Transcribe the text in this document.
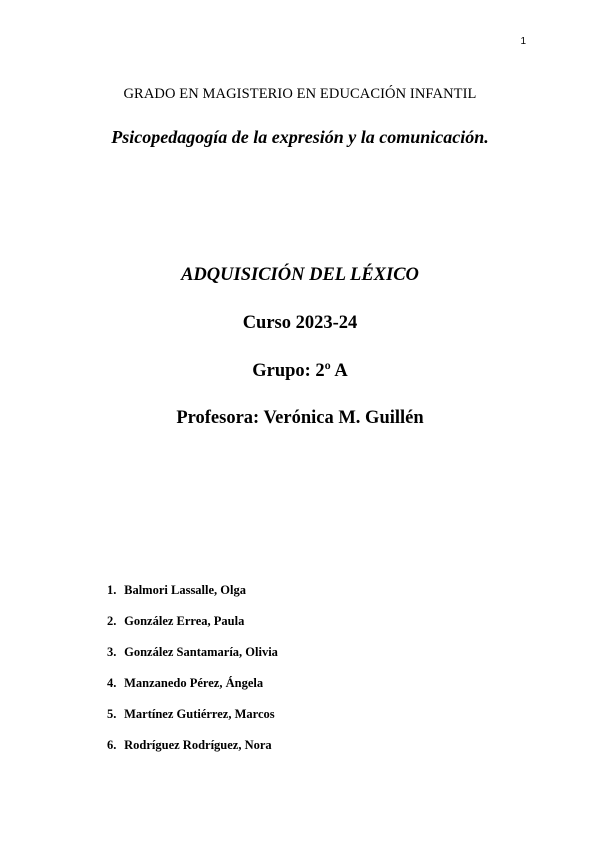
1
GRADO EN MAGISTERIO EN EDUCACIÓN INFANTIL
Psicopedagogía de la expresión y la comunicación.
ADQUISICIÓN DEL LÉXICO
Curso 2023-24
Grupo: 2º A
Profesora: Verónica M. Guillén
1. Balmori Lassalle, Olga
2. González Errea, Paula
3. González Santamaría, Olivia
4. Manzanedo Pérez, Ángela
5. Martínez Gutiérrez, Marcos
6. Rodríguez Rodríguez, Nora
